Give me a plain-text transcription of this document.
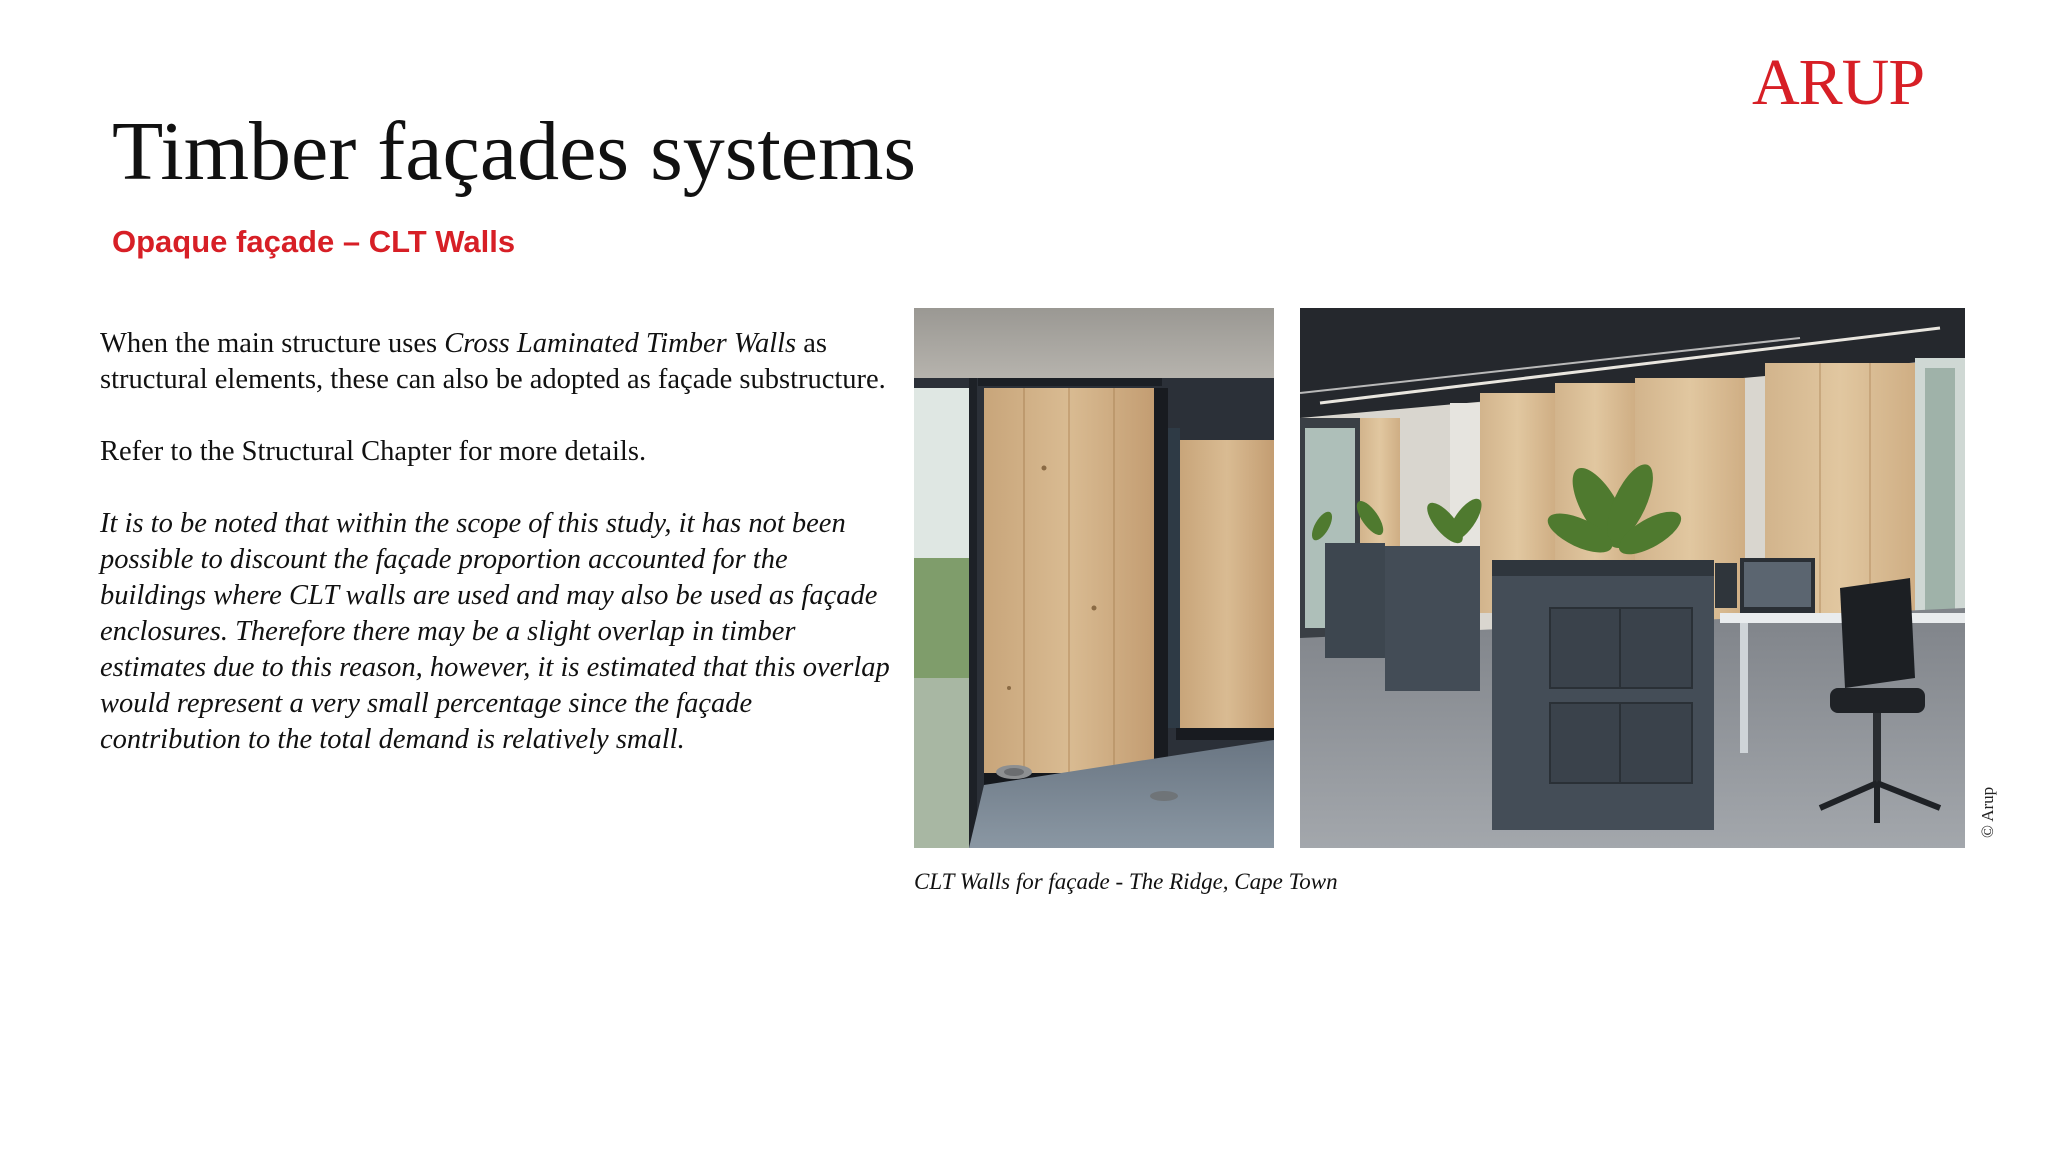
ARUP
Timber façades systems
Opaque façade – CLT Walls

When the main structure uses Cross Laminated Timber Walls as structural elements, these can also be adopted as façade substructure.

Refer to the Structural Chapter for more details.

It is to be noted that within the scope of this study, it has not been possible to discount the façade proportion accounted for the buildings where CLT walls are used and may also be used as façade enclosures. Therefore there may be a slight overlap in timber estimates due to this reason, however, it is estimated that this overlap would represent a very small percentage since the façade contribution to the total demand is relatively small.

CLT Walls for façade - The Ridge, Cape Town
© Arup
